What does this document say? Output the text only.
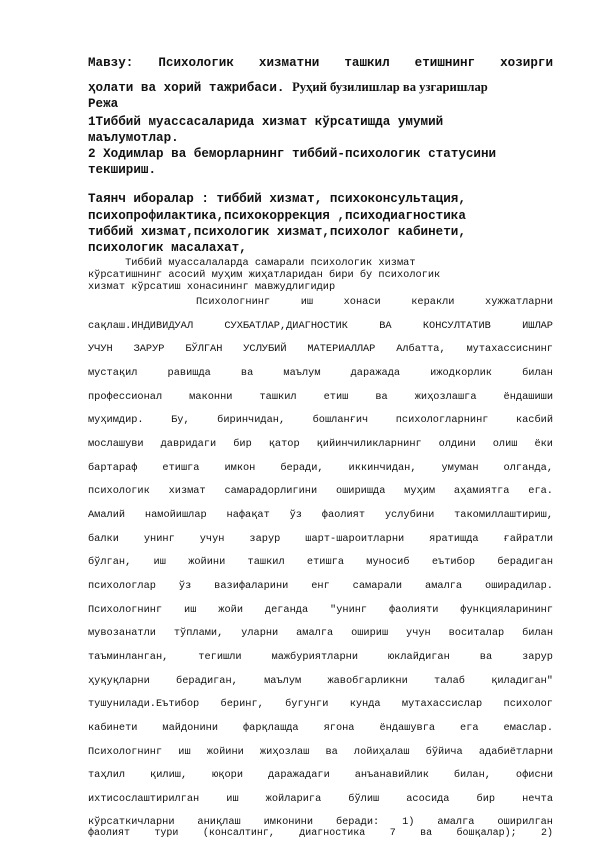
Мавзу: Психологик хизматни ташкил етишнинг хозирги
ҳолати ва хорий тажрибаси. Руҳий бузилишлар ва узгаришлар
Режа
1Тиббий муассаcаларида хизмат кўрсатишда умумий
маълумотлар.
2 Ходимлар ва беморларнинг тиббий-психологик статусини
текшириш.
Таянч иборалар : тиббий хизмат, психоконсультация,
психопрофилактика,психокоррекция ,психодиагностика
тиббий хизмат,психологик хизмат,психолог кабинети,
психологик масалахат,
Тиббий муассалаларда самарали психологик хизмат
кўрсатишнинг асосий муҳим жиҳатларидан бири бу психологик
хизмат кўрсатиш хонасининг мавжудлигидир
Психологнинг иш хонаси керакли хужжатларни
сақлаш.ИНДИВИДУАЛ СУХБАТЛАР,ДИАГНОСТИК ВА КОНСУЛТАТИВ ИШЛАР
УЧУН ЗАРУР БЎЛГАН УСЛУБИЙ МАТЕРИАЛЛАР Албатта, мутахассиснинг
мустақил равишда ва маълум даражада ижодкорлик билан
профессионал маконни ташкил етиш ва жиҳозлашга ёндашиши
муҳимдир. Бу, биринчидан, бошланғич психологларнинг касбий
мослашуви давридаги бир қатор қийинчиликларнинг олдини олиш ёки
бартараф етишга имкон беради, иккинчидан, умуман олганда,
психологик хизмат самарадорлигини оширишда муҳим аҳамиятга ега.
Амалий намойишлар нафақат ўз фаолият услубини такомиллаштириш,
балки унинг учун зарур шарт-шароитларни яратишда ғайратли
бўлган, иш жойини ташкил етишга муносиб еътибор берадиган
психологлар ўз вазифаларини енг самарали амалга оширадилар.
Психологнинг иш жойи деганда "унинг фаолияти функцияларининг
мувозанатли тўплами, уларни амалга ошириш учун воситалар билан
таъминланган, тегишли мажбуриятларни юклайдиган ва зарур
ҳуқуқларни берадиган, маълум жавобгарликни талаб қиладиган"
тушунилади.Еътибор беринг, бугунги кунда мутахассислар психолог
кабинети майдонини фарқлашда ягона ёндашувга ега емаслар.
Психологнинг иш жойини жиҳозлаш ва лойиҳалаш бўйича адабиётларни
таҳлил қилиш, юқори даражадаги анъанавийлик билан, офисни
ихтисослаштирилган иш жойларига бўлиш асосида бир нечта
кўрсаткичларни аниқлаш имконини беради: 1) амалга оширилган
фаолият тури (консалтинг, диагностика 7 ва бошқалар); 2)
